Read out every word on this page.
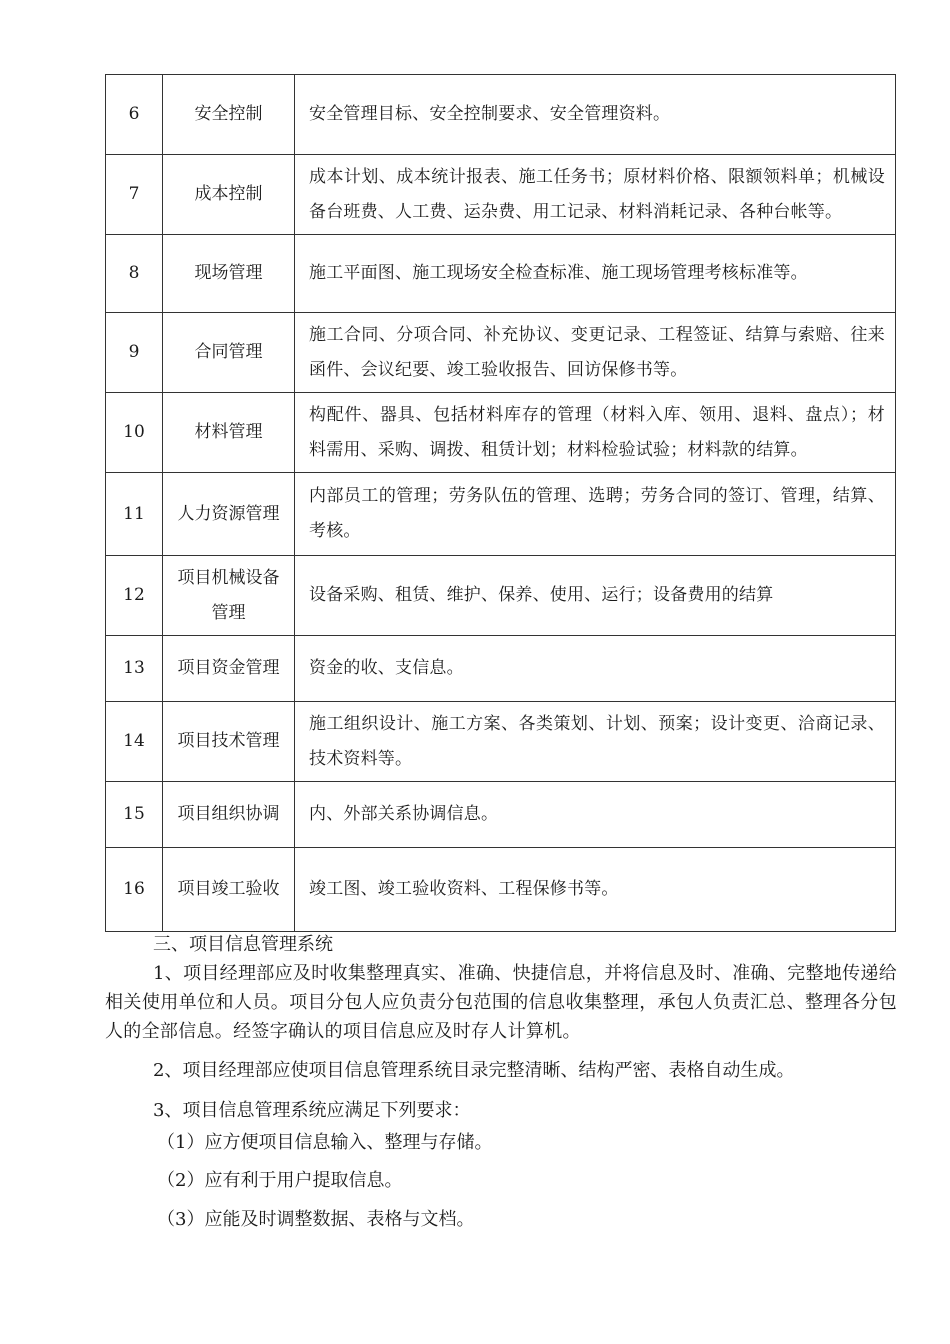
6	安全控制	安全管理目标、安全控制要求、安全管理资料。
7	成本控制	成本计划、成本统计报表、施工任务书；原材料价格、限额领料单；机械设备台班费、人工费、运杂费、用工记录、材料消耗记录、各种台帐等。
8	现场管理	施工平面图、施工现场安全检查标准、施工现场管理考核标准等。
9	合同管理	施工合同、分项合同、补充协议、变更记录、工程签证、结算与索赔、往来函件、会议纪要、竣工验收报告、回访保修书等。
10	材料管理	构配件、器具、包括材料库存的管理（材料入库、领用、退料、盘点）；材料需用、采购、调拨、租赁计划；材料检验试验；材料款的结算。
11	人力资源管理	内部员工的管理；劳务队伍的管理、选聘；劳务合同的签订、管理，结算、考核。
12	项目机械设备管理	设备采购、租赁、维护、保养、使用、运行；设备费用的结算
13	项目资金管理	资金的收、支信息。
14	项目技术管理	施工组织设计、施工方案、各类策划、计划、预案；设计变更、洽商记录、技术资料等。
15	项目组织协调	内、外部关系协调信息。
16	项目竣工验收	竣工图、竣工验收资料、工程保修书等。
三、项目信息管理系统
1、项目经理部应及时收集整理真实、准确、快捷信息，并将信息及时、准确、完整地传递给相关使用单位和人员。项目分包人应负责分包范围的信息收集整理，承包人负责汇总、整理各分包人的全部信息。经签字确认的项目信息应及时存人计算机。
2、项目经理部应使项目信息管理系统目录完整清晰、结构严密、表格自动生成。
3、项目信息管理系统应满足下列要求：
（1）应方便项目信息输入、整理与存储。
（2）应有利于用户提取信息。
（3）应能及时调整数据、表格与文档。
